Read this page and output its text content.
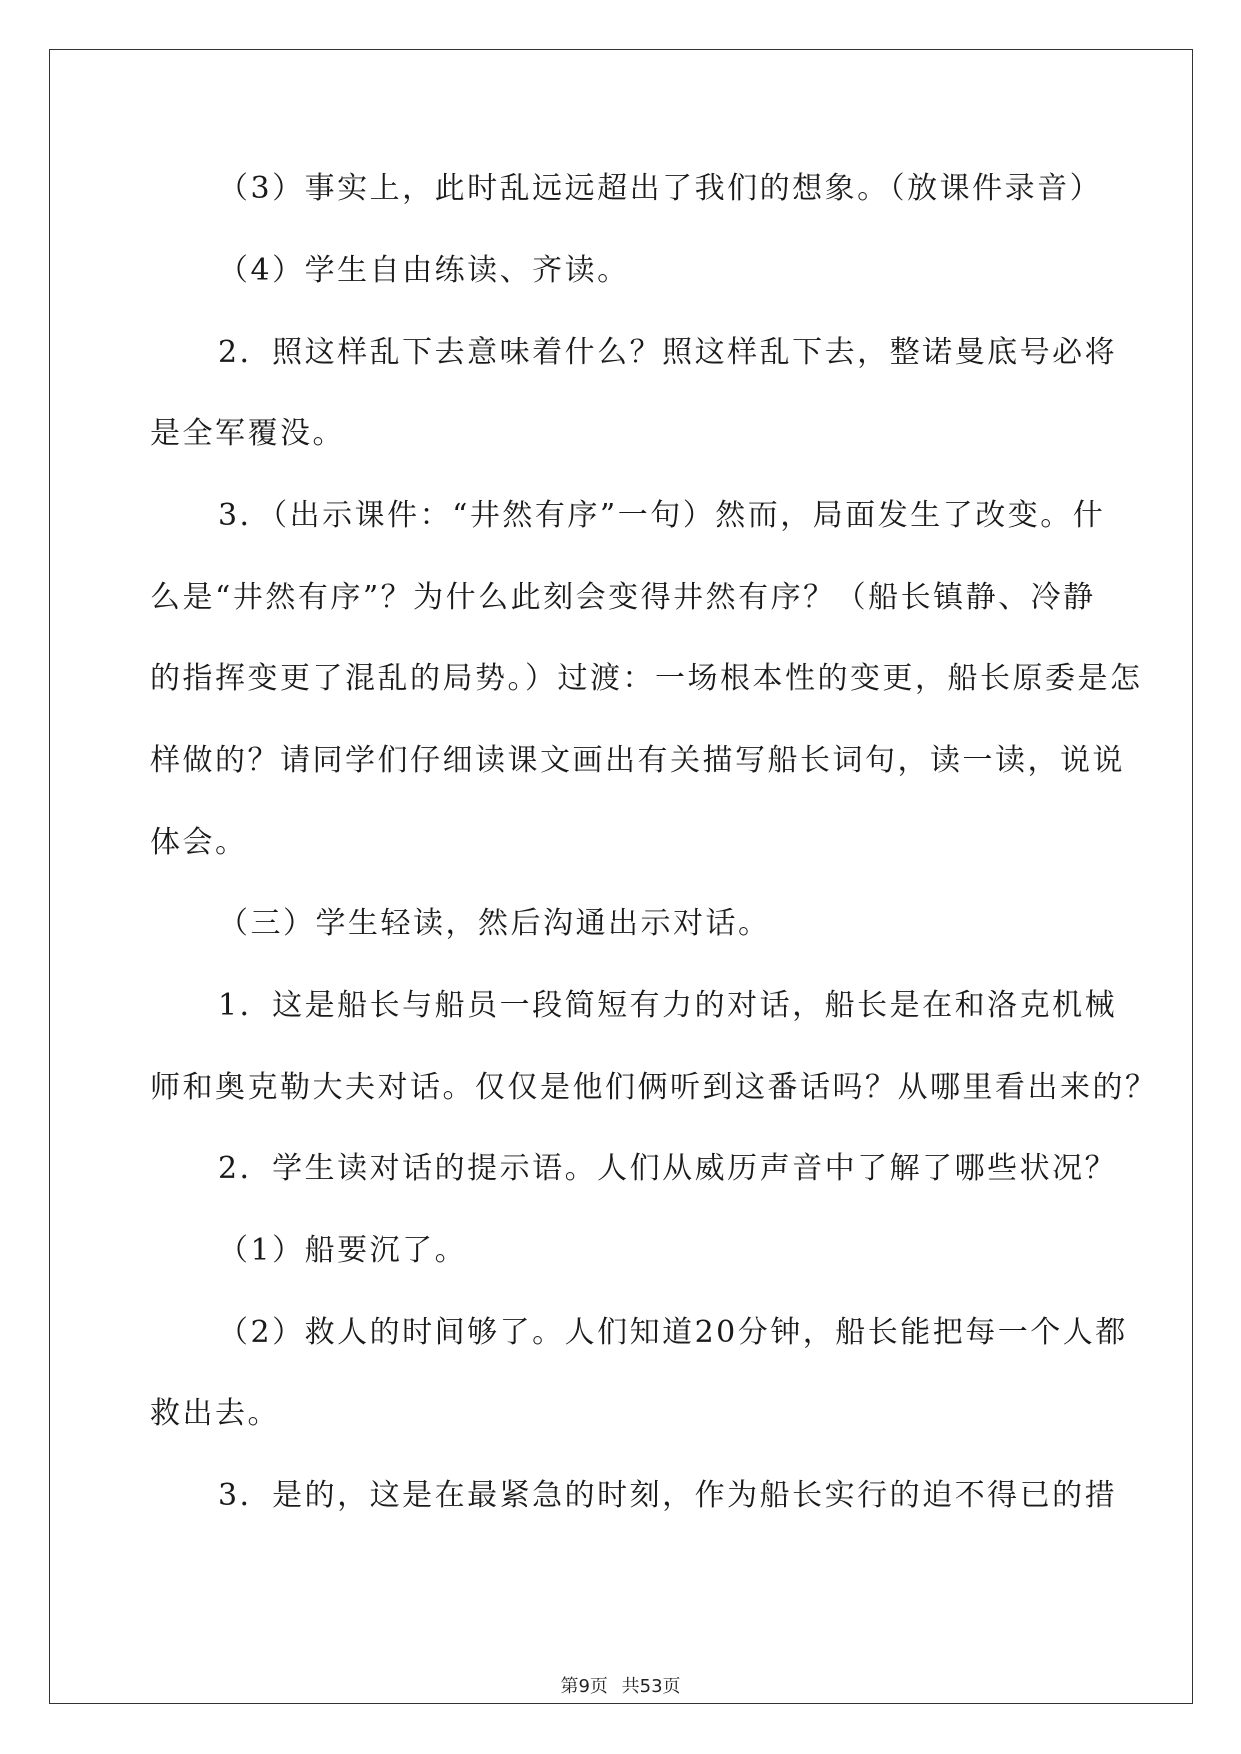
（3）事实上，此时乱远远超出了我们的想象。（放课件录音）
（4）学生自由练读、齐读。
2．照这样乱下去意味着什么？照这样乱下去，整诺曼底号必将
是全军覆没。
3．（出示课件：“井然有序”一句）然而，局面发生了改变。什
么是“井然有序”？为什么此刻会变得井然有序？（船长镇静、冷静
的指挥变更了混乱的局势。）过渡：一场根本性的变更，船长原委是怎
样做的？请同学们仔细读课文画出有关描写船长词句，读一读，说说
体会。
（三）学生轻读，然后沟通出示对话。
1．这是船长与船员一段简短有力的对话，船长是在和洛克机械
师和奥克勒大夫对话。仅仅是他们俩听到这番话吗？从哪里看出来的？
2．学生读对话的提示语。人们从威历声音中了解了哪些状况？
（1）船要沉了。
（2）救人的时间够了。人们知道20分钟，船长能把每一个人都
救出去。
3．是的，这是在最紧急的时刻，作为船长实行的迫不得已的措
第9页 共53页
